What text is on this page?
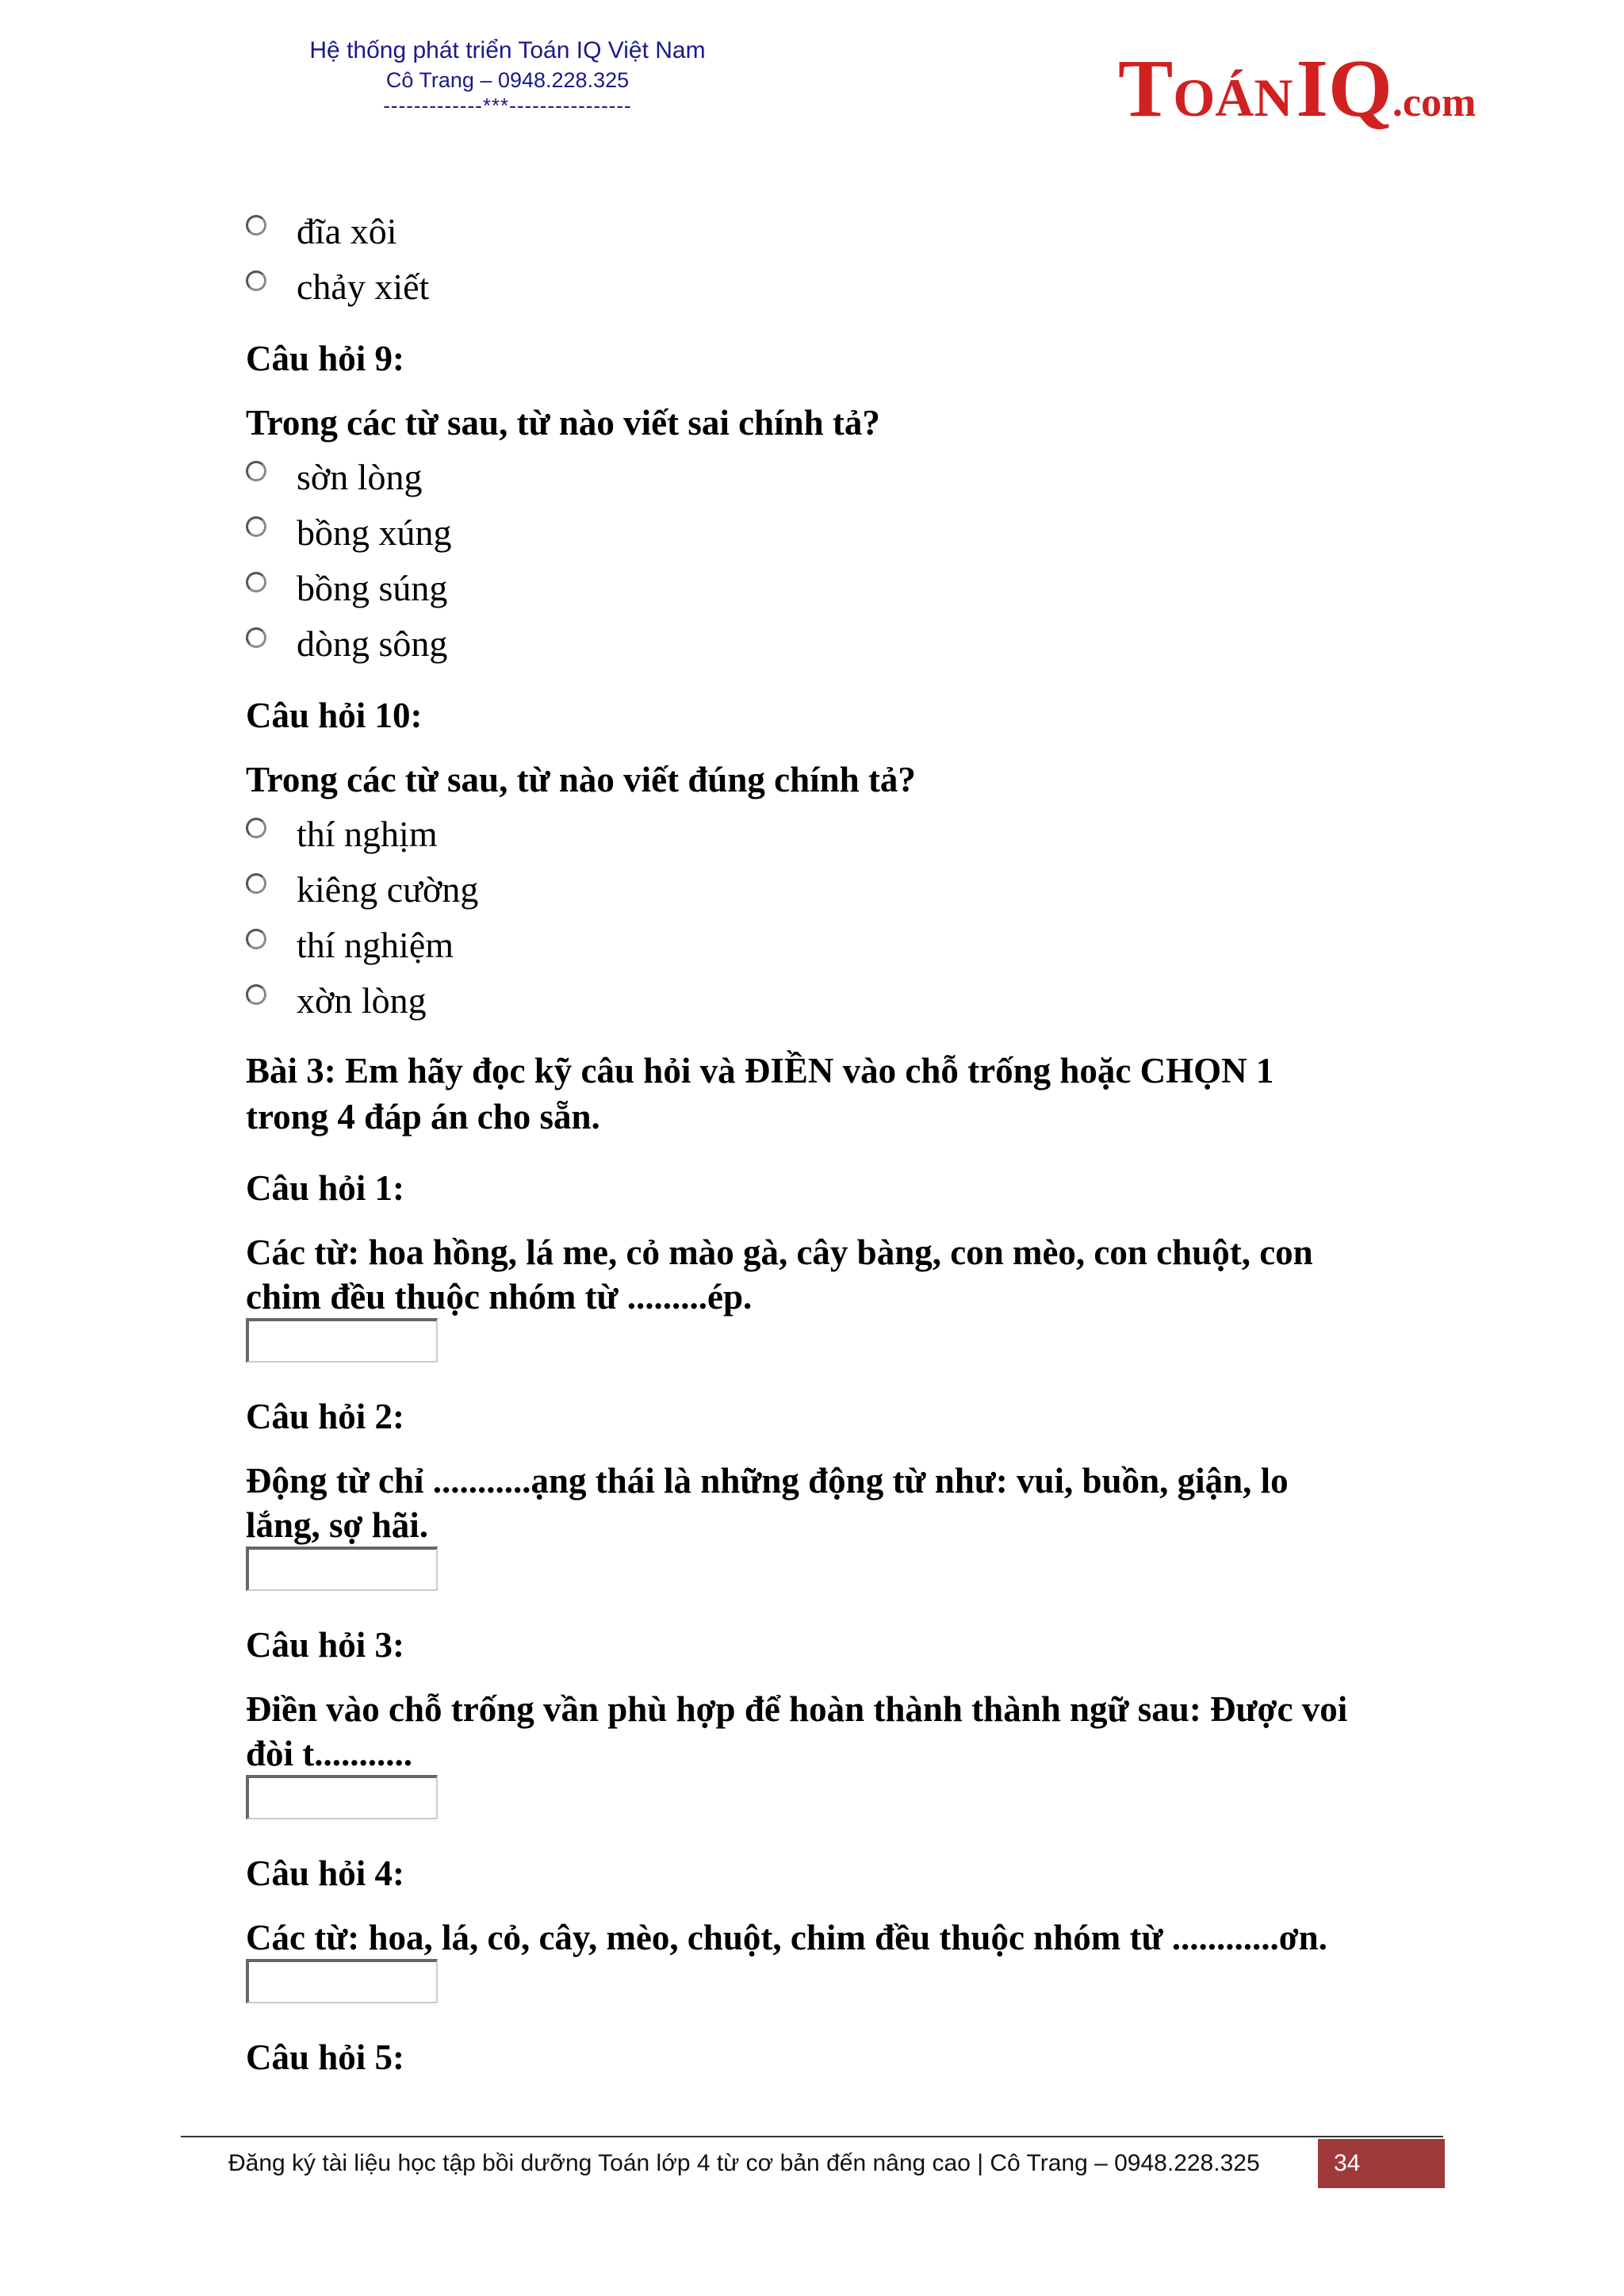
Hệ thống phát triển Toán IQ Việt Nam
Cô Trang – 0948.228.325
-------------***----------------	TOÁN IQ.com
đĩa xôi
chảy xiết
Câu hỏi 9:
Trong các từ sau, từ nào viết sai chính tả?
sờn lòng
bồng xúng
bồng súng
dòng sông
Câu hỏi 10:
Trong các từ sau, từ nào viết đúng chính tả?
thí nghịm
kiêng cường
thí nghiệm
xờn lòng
Bài 3: Em hãy đọc kỹ câu hỏi và ĐIỀN vào chỗ trống hoặc CHỌN 1
trong 4 đáp án cho sẵn.
Câu hỏi 1:
Các từ: hoa hồng, lá me, cỏ mào gà, cây bàng, con mèo, con chuột, con
chim đều thuộc nhóm từ .........ép.
Câu hỏi 2:
Động từ chỉ ...........ạng thái là những động từ như: vui, buồn, giận, lo
lắng, sợ hãi.
Câu hỏi 3:
Điền vào chỗ trống vần phù hợp để hoàn thành thành ngữ sau: Được voi
đòi t...........
Câu hỏi 4:
Các từ: hoa, lá, cỏ, cây, mèo, chuột, chim đều thuộc nhóm từ ............ơn.
Câu hỏi 5:
Đăng ký tài liệu học tập bồi dưỡng Toán lớp 4 từ cơ bản đến nâng cao | Cô Trang – 0948.228.325	34
